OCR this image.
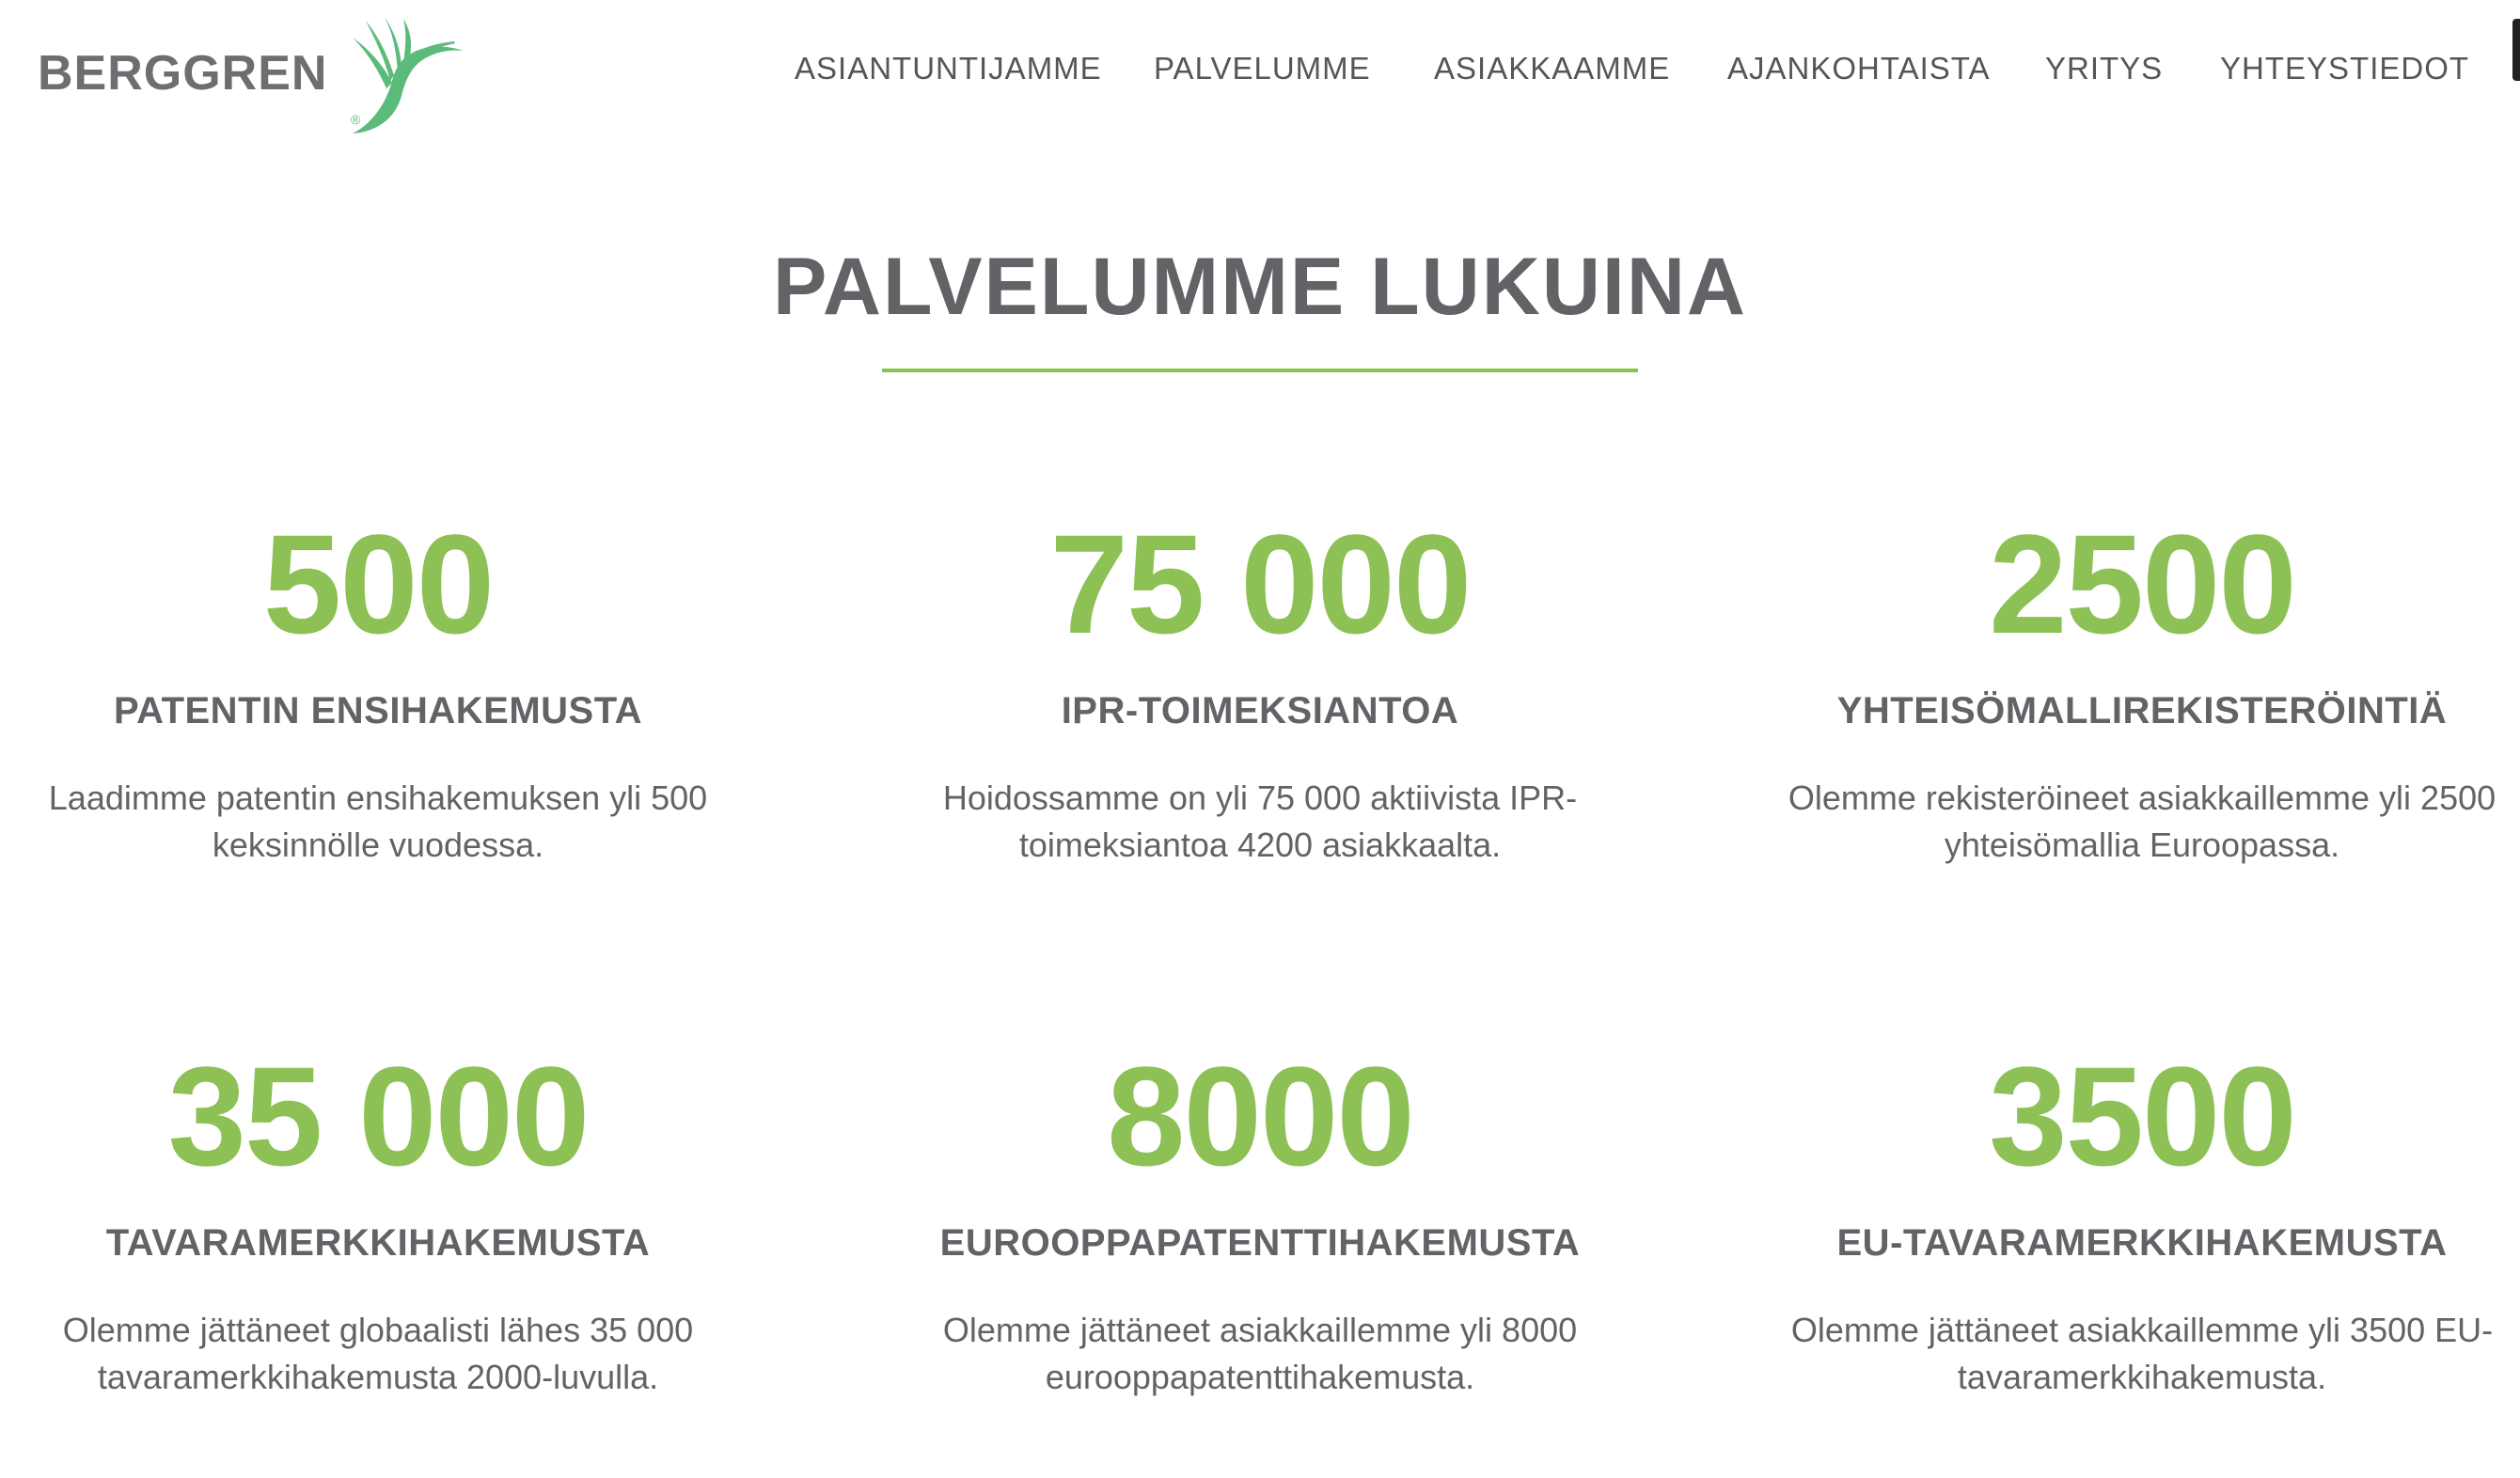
BERGGREN
®
ASIANTUNTIJAMME PALVELUMME ASIAKKAAMME AJANKOHTAISTA YRITYS YHTEYSTIEDOT
PALVELUMME LUKUINA
500
PATENTIN ENSIHAKEMUSTA
Laadimme patentin ensihakemuksen yli 500 keksinnölle vuodessa.
75 000
IPR-TOIMEKSIANTOA
Hoidossamme on yli 75 000 aktiivista IPR-toimeksiantoa 4200 asiakkaalta.
2500
YHTEISÖMALLIREKISTERÖINTIÄ
Olemme rekisteröineet asiakkaillemme yli 2500 yhteisömallia Euroopassa.
35 000
TAVARAMERKKIHAKEMUSTA
Olemme jättäneet globaalisti lähes 35 000 tavaramerkkihakemusta 2000-luvulla.
8000
EUROOPPAPATENTTIHAKEMUSTA
Olemme jättäneet asiakkaillemme yli 8000 eurooppapatenttihakemusta.
3500
EU-TAVARAMERKKIHAKEMUSTA
Olemme jättäneet asiakkaillemme yli 3500 EU-tavaramerkkihakemusta.
